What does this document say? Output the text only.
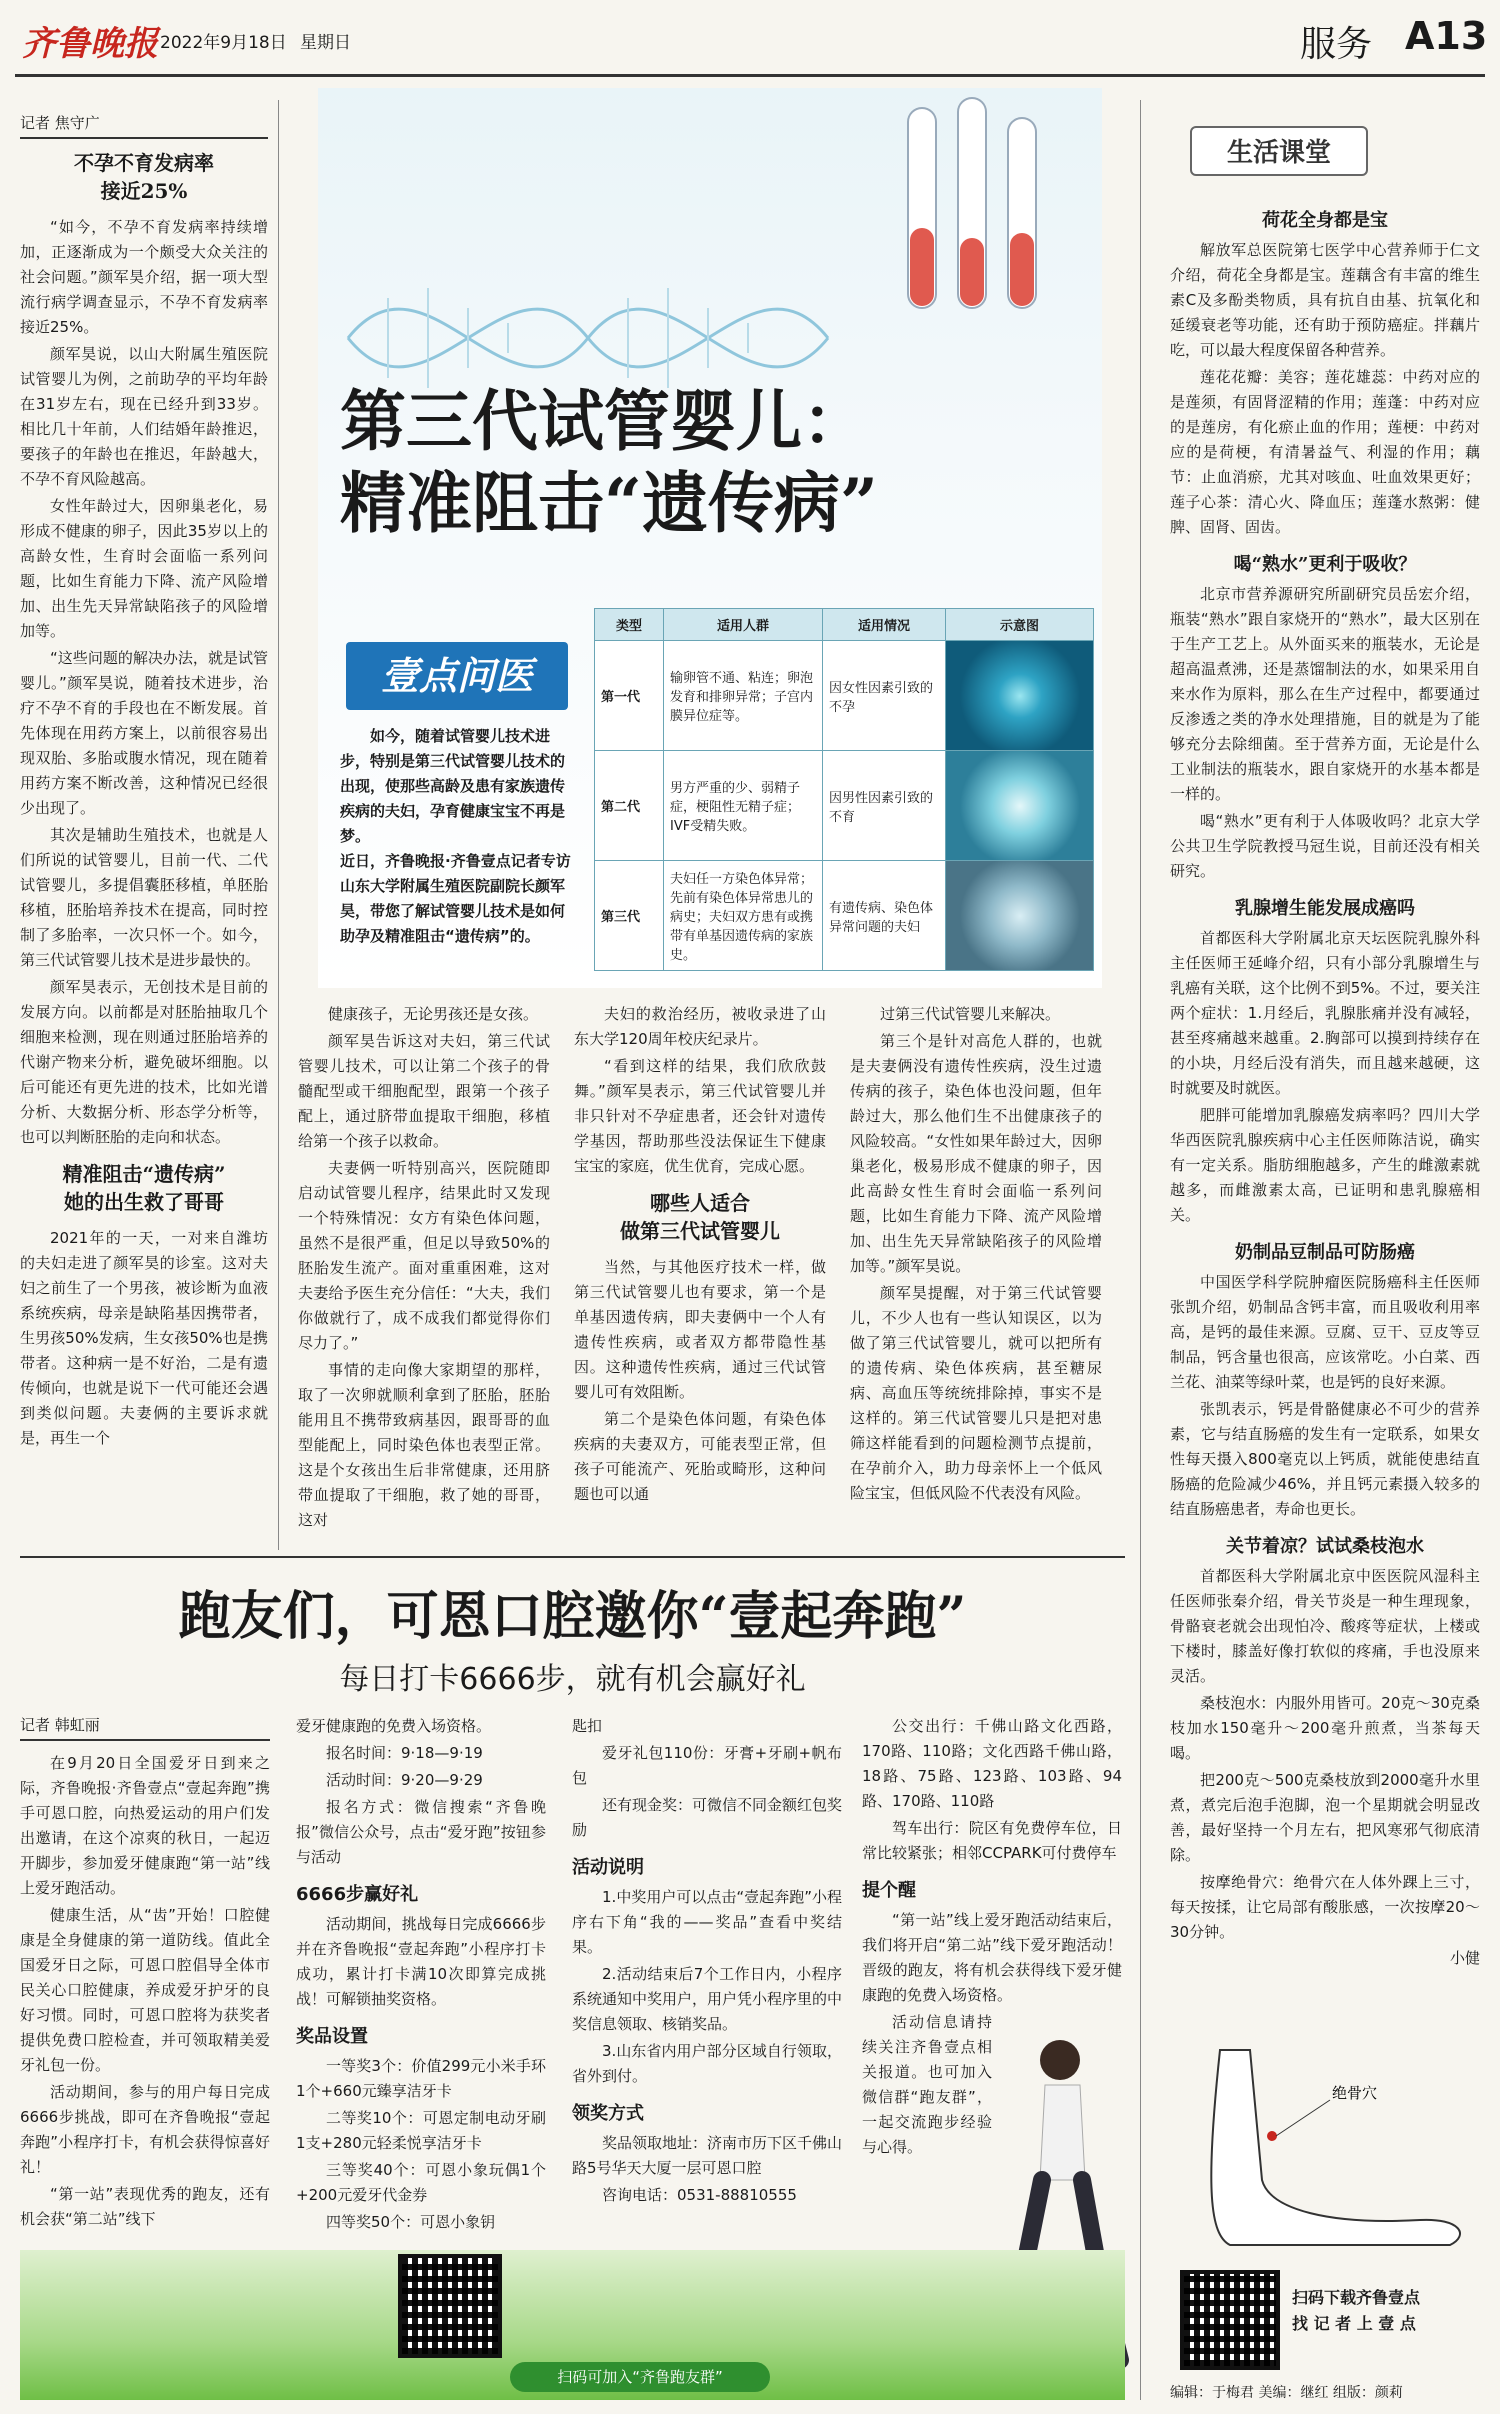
齐鲁晚报 2022年9月18日 星期日	服务 A13
记者 焦守广
不孕不育发病率
接近25%

“如今，不孕不育发病率持续增加，正逐渐成为一个颇受大众关注的社会问题。”颜军昊介绍，据一项大型流行病学调查显示，不孕不育发病率接近25%。

颜军昊说，以山大附属生殖医院试管婴儿为例，之前助孕的平均年龄在31岁左右，现在已经升到33岁。相比几十年前，人们结婚年龄推迟，要孩子的年龄也在推迟，年龄越大，不孕不育风险越高。

女性年龄过大，因卵巢老化，易形成不健康的卵子，因此35岁以上的高龄女性，生育时会面临一系列问题，比如生育能力下降、流产风险增加、出生先天异常缺陷孩子的风险增加等。

“这些问题的解决办法，就是试管婴儿。”颜军昊说，随着技术进步，治疗不孕不育的手段也在不断发展。首先体现在用药方案上，以前很容易出现双胎、多胎或腹水情况，现在随着用药方案不断改善，这种情况已经很少出现了。

其次是辅助生殖技术，也就是人们所说的试管婴儿，目前一代、二代试管婴儿，多提倡囊胚移植，单胚胎移植，胚胎培养技术在提高，同时控制了多胎率，一次只怀一个。如今，第三代试管婴儿技术是进步最快的。

颜军昊表示，无创技术是目前的发展方向。以前都是对胚胎抽取几个细胞来检测，现在则通过胚胎培养的代谢产物来分析，避免破坏细胞。以后可能还有更先进的技术，比如光谱分析、大数据分析、形态学分析等，也可以判断胚胎的走向和状态。

精准阻击“遗传病”
她的出生救了哥哥

2021年的一天，一对来自潍坊的夫妇走进了颜军昊的诊室。这对夫妇之前生了一个男孩，被诊断为血液系统疾病，母亲是缺陷基因携带者，生男孩50%发病，生女孩50%也是携带者。这种病一是不好治，二是有遗传倾向，也就是说下一代可能还会遇到类似问题。夫妻俩的主要诉求就是，再生一个

第三代试管婴儿：
精准阻击“遗传病”
壹点问医
如今，随着试管婴儿技术进步，特别是第三代试管婴儿技术的出现，使那些高龄及患有家族遗传疾病的夫妇，孕育健康宝宝不再是梦。
近日，齐鲁晚报·齐鲁壹点记者专访山东大学附属生殖医院副院长颜军昊，带您了解试管婴儿技术是如何助孕及精准阻击“遗传病”的。
类型	适用人群	适用情况	示意图
第一代	输卵管不通、粘连；卵泡发育和排卵异常；子宫内膜异位症等。	因女性因素引致的不孕	
第二代	男方严重的少、弱精子症，梗阻性无精子症；IVF受精失败。	因男性因素引致的不育	
第三代	夫妇任一方染色体异常；先前有染色体异常患儿的病史；夫妇双方患有或携带有单基因遗传病的家族史。	有遗传病、染色体异常问题的夫妇	

健康孩子，无论男孩还是女孩。

颜军昊告诉这对夫妇，第三代试管婴儿技术，可以让第二个孩子的骨髓配型或干细胞配型，跟第一个孩子配上，通过脐带血提取干细胞，移植给第一个孩子以救命。

夫妻俩一听特别高兴，医院随即启动试管婴儿程序，结果此时又发现一个特殊情况：女方有染色体问题，虽然不是很严重，但足以导致50%的胚胎发生流产。面对重重困难，这对夫妻给予医生充分信任：“大夫，我们你做就行了，成不成我们都觉得你们尽力了。”

事情的走向像大家期望的那样，取了一次卵就顺利拿到了胚胎，胚胎能用且不携带致病基因，跟哥哥的血型能配上，同时染色体也表型正常。这是个女孩出生后非常健康，还用脐带血提取了干细胞，救了她的哥哥，这对

夫妇的救治经历，被收录进了山东大学120周年校庆纪录片。

“看到这样的结果，我们欣欣鼓舞。”颜军昊表示，第三代试管婴儿并非只针对不孕症患者，还会针对遗传学基因，帮助那些没法保证生下健康宝宝的家庭，优生优育，完成心愿。

哪些人适合
做第三代试管婴儿

当然，与其他医疗技术一样，做第三代试管婴儿也有要求，第一个是单基因遗传病，即夫妻俩中一个人有遗传性疾病，或者双方都带隐性基因。这种遗传性疾病，通过三代试管婴儿可有效阻断。

第二个是染色体问题，有染色体疾病的夫妻双方，可能表型正常，但孩子可能流产、死胎或畸形，这种问题也可以通

过第三代试管婴儿来解决。

第三个是针对高危人群的，也就是夫妻俩没有遗传性疾病，没生过遗传病的孩子，染色体也没问题，但年龄过大，那么他们生不出健康孩子的风险较高。“女性如果年龄过大，因卵巢老化，极易形成不健康的卵子，因此高龄女性生育时会面临一系列问题，比如生育能力下降、流产风险增加、出生先天异常缺陷孩子的风险增加等。”颜军昊说。

颜军昊提醒，对于第三代试管婴儿，不少人也有一些认知误区，以为做了第三代试管婴儿，就可以把所有的遗传病、染色体疾病，甚至糖尿病、高血压等统统排除掉，事实不是这样的。第三代试管婴儿只是把对患筛这样能看到的问题检测节点提前，在孕前介入，助力母亲怀上一个低风险宝宝，但低风险不代表没有风险。

生活课堂
荷花全身都是宝

解放军总医院第七医学中心营养师于仁文介绍，荷花全身都是宝。莲藕含有丰富的维生素C及多酚类物质，具有抗自由基、抗氧化和延缓衰老等功能，还有助于预防癌症。拌藕片吃，可以最大程度保留各种营养。

莲花花瓣：美容；莲花雄蕊：中药对应的是莲须，有固肾涩精的作用；莲蓬：中药对应的是莲房，有化瘀止血的作用；莲梗：中药对应的是荷梗，有清暑益气、利湿的作用；藕节：止血消瘀，尤其对咳血、吐血效果更好；莲子心茶：清心火、降血压；莲蓬水熬粥：健脾、固肾、固齿。

喝“熟水”更利于吸收？

北京市营养源研究所副研究员岳宏介绍，瓶装“熟水”跟自家烧开的“熟水”，最大区别在于生产工艺上。从外面买来的瓶装水，无论是超高温煮沸，还是蒸馏制法的水，如果采用自来水作为原料，那么在生产过程中，都要通过反渗透之类的净水处理措施，目的就是为了能够充分去除细菌。至于营养方面，无论是什么工业制法的瓶装水，跟自家烧开的水基本都是一样的。

喝“熟水”更有利于人体吸收吗？北京大学公共卫生学院教授马冠生说，目前还没有相关研究。

乳腺增生能发展成癌吗

首都医科大学附属北京天坛医院乳腺外科主任医师王延峰介绍，只有小部分乳腺增生与乳癌有关联，这个比例不到5%。不过，要关注两个症状：1.月经后，乳腺胀痛并没有减轻，甚至疼痛越来越重。2.胸部可以摸到持续存在的小块，月经后没有消失，而且越来越硬，这时就要及时就医。

肥胖可能增加乳腺癌发病率吗？四川大学华西医院乳腺疾病中心主任医师陈洁说，确实有一定关系。脂肪细胞越多，产生的雌激素就越多，而雌激素太高，已证明和患乳腺癌相关。

奶制品豆制品可防肠癌

中国医学科学院肿瘤医院肠癌科主任医师张凯介绍，奶制品含钙丰富，而且吸收利用率高，是钙的最佳来源。豆腐、豆干、豆皮等豆制品，钙含量也很高，应该常吃。小白菜、西兰花、油菜等绿叶菜，也是钙的良好来源。

张凯表示，钙是骨骼健康必不可少的营养素，它与结直肠癌的发生有一定联系，如果女性每天摄入800毫克以上钙质，就能使患结直肠癌的危险减少46%，并且钙元素摄入较多的结直肠癌患者，寿命也更长。

关节着凉？试试桑枝泡水

首都医科大学附属北京中医医院风湿科主任医师张秦介绍，骨关节炎是一种生理现象，骨骼衰老就会出现怕冷、酸疼等症状，上楼或下楼时，膝盖好像打软似的疼痛，手也没原来灵活。

桑枝泡水：内服外用皆可。20克～30克桑枝加水150毫升～200毫升煎煮，当茶每天喝。

把200克～500克桑枝放到2000毫升水里煮，煮完后泡手泡脚，泡一个星期就会明显改善，最好坚持一个月左右，把风寒邪气彻底清除。

按摩绝骨穴：绝骨穴在人体外踝上三寸，每天按揉，让它局部有酸胀感，一次按摩20～30分钟。

小健
绝骨穴
扫码下载齐鲁壹点
找 记 者 上 壹 点
编辑：于梅君 美编：继红 组版：颜莉
跑友们，可恩口腔邀你“壹起奔跑”
每日打卡6666步，就有机会赢好礼
记者 韩虹丽

在9月20日全国爱牙日到来之际，齐鲁晚报·齐鲁壹点“壹起奔跑”携手可恩口腔，向热爱运动的用户们发出邀请，在这个凉爽的秋日，一起迈开脚步，参加爱牙健康跑“第一站”线上爱牙跑活动。

健康生活，从“齿”开始！口腔健康是全身健康的第一道防线。值此全国爱牙日之际，可恩口腔倡导全体市民关心口腔健康，养成爱牙护牙的良好习惯。同时，可恩口腔将为获奖者提供免费口腔检查，并可领取精美爱牙礼包一份。

活动期间，参与的用户每日完成6666步挑战，即可在齐鲁晚报“壹起奔跑”小程序打卡，有机会获得惊喜好礼！

“第一站”表现优秀的跑友，还有机会获“第二站”线下

爱牙健康跑的免费入场资格。

报名时间：9·18—9·19

活动时间：9·20—9·29

报名方式：微信搜索“齐鲁晚报”微信公众号，点击“爱牙跑”按钮参与活动

6666步赢好礼

活动期间，挑战每日完成6666步并在齐鲁晚报“壹起奔跑”小程序打卡成功，累计打卡满10次即算完成挑战！可解锁抽奖资格。

奖品设置

一等奖3个：价值299元小米手环1个+660元臻享洁牙卡

二等奖10个：可恩定制电动牙刷1支+280元轻柔悦享洁牙卡

三等奖40个：可恩小象玩偶1个+200元爱牙代金券

四等奖50个：可恩小象钥

匙扣

爱牙礼包110份：牙膏+牙刷+帆布包

还有现金奖：可微信不同金额红包奖励

活动说明

1.中奖用户可以点击“壹起奔跑”小程序右下角“我的——奖品”查看中奖结果。

2.活动结束后7个工作日内，小程序系统通知中奖用户，用户凭小程序里的中奖信息领取、核销奖品。

3.山东省内用户部分区域自行领取，省外到付。

领奖方式

奖品领取地址：济南市历下区千佛山路5号华天大厦一层可恩口腔

咨询电话：0531-88810555

公交出行：千佛山路文化西路，170路、110路；文化西路千佛山路，18路、75路、123路、103路、94路、170路、110路

驾车出行：院区有免费停车位，日常比较紧张；相邻CCPARK可付费停车

提个醒

“第一站”线上爱牙跑活动结束后，我们将开启“第二站”线下爱牙跑活动！晋级的跑友，将有机会获得线下爱牙健康跑的免费入场资格。

活动信息请持续关注齐鲁壹点相关报道。也可加入微信群“跑友群”，一起交流跑步经验与心得。

扫码可加入“齐鲁跑友群”
